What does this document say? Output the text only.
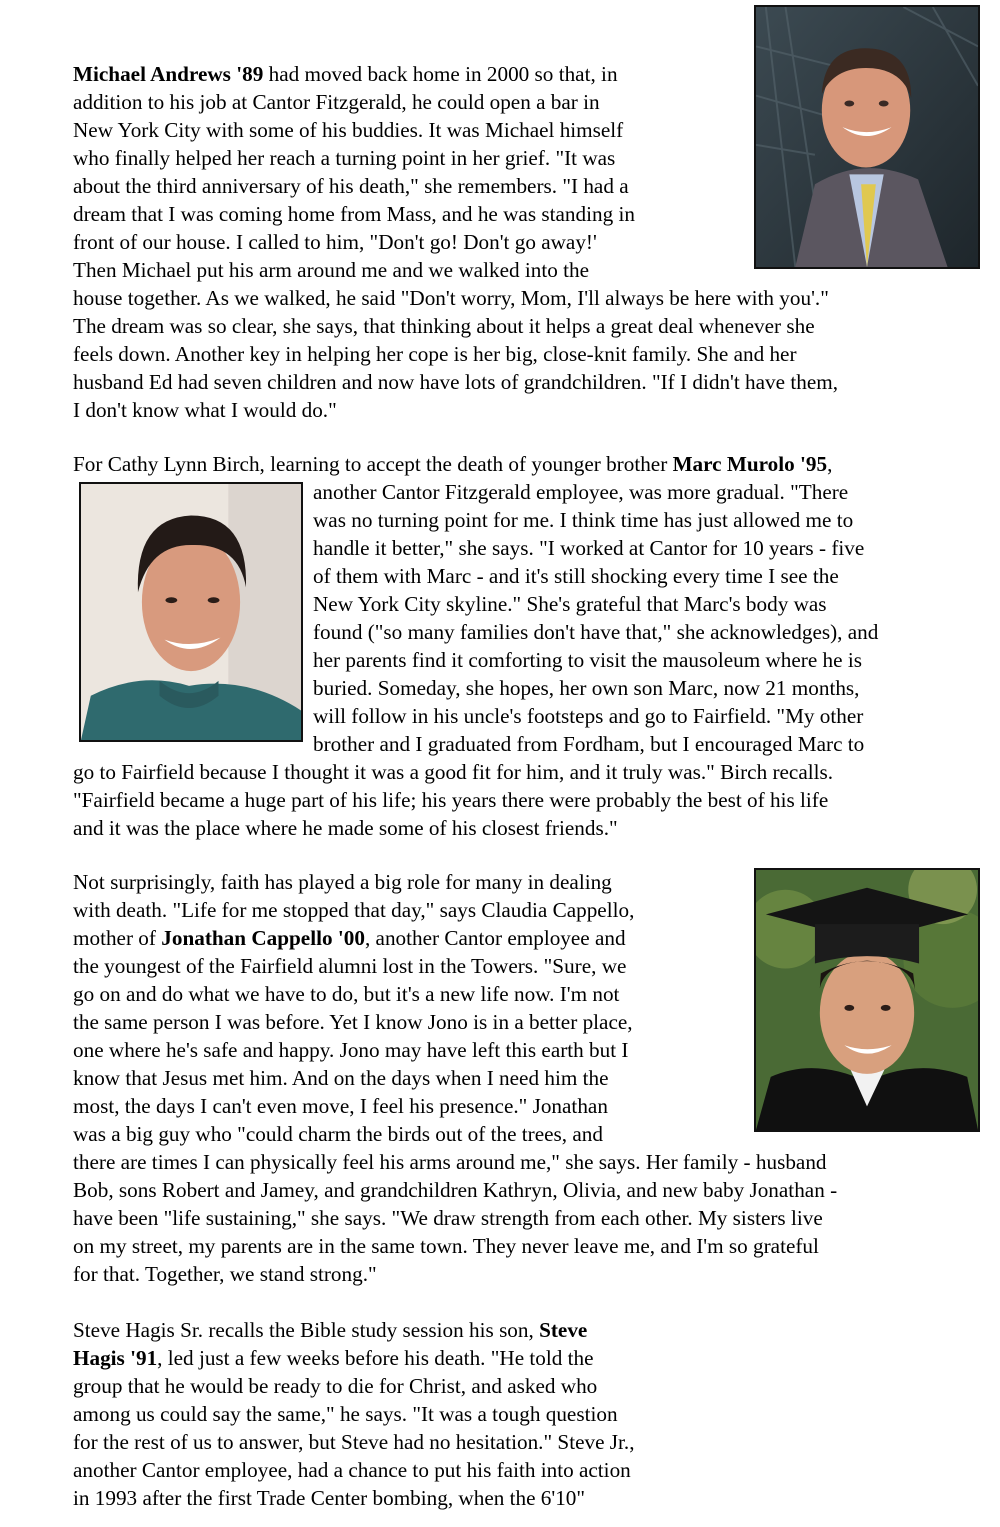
Michael Andrews '89 had moved back home in 2000 so that, in
addition to his job at Cantor Fitzgerald, he could open a bar in
New York City with some of his buddies. It was Michael himself
who finally helped her reach a turning point in her grief. "It was
about the third anniversary of his death," she remembers. "I had a
dream that I was coming home from Mass, and he was standing in
front of our house. I called to him, "Don't go! Don't go away!'
Then Michael put his arm around me and we walked into the
house together. As we walked, he said "Don't worry, Mom, I'll always be here with you'."
The dream was so clear, she says, that thinking about it helps a great deal whenever she
feels down. Another key in helping her cope is her big, close-knit family. She and her
husband Ed had seven children and now have lots of grandchildren. "If I didn't have them,
I don't know what I would do."
For Cathy Lynn Birch, learning to accept the death of younger brother Marc Murolo '95,
another Cantor Fitzgerald employee, was more gradual. "There
was no turning point for me. I think time has just allowed me to
handle it better," she says. "I worked at Cantor for 10 years - five
of them with Marc - and it's still shocking every time I see the
New York City skyline." She's grateful that Marc's body was
found ("so many families don't have that," she acknowledges), and
her parents find it comforting to visit the mausoleum where he is
buried. Someday, she hopes, her own son Marc, now 21 months,
will follow in his uncle's footsteps and go to Fairfield. "My other
brother and I graduated from Fordham, but I encouraged Marc to
go to Fairfield because I thought it was a good fit for him, and it truly was." Birch recalls.
"Fairfield became a huge part of his life; his years there were probably the best of his life
and it was the place where he made some of his closest friends."
Not surprisingly, faith has played a big role for many in dealing
with death. "Life for me stopped that day," says Claudia Cappello,
mother of Jonathan Cappello '00, another Cantor employee and
the youngest of the Fairfield alumni lost in the Towers. "Sure, we
go on and do what we have to do, but it's a new life now. I'm not
the same person I was before. Yet I know Jono is in a better place,
one where he's safe and happy. Jono may have left this earth but I
know that Jesus met him. And on the days when I need him the
most, the days I can't even move, I feel his presence." Jonathan
was a big guy who "could charm the birds out of the trees, and
there are times I can physically feel his arms around me," she says. Her family - husband
Bob, sons Robert and Jamey, and grandchildren Kathryn, Olivia, and new baby Jonathan -
have been "life sustaining," she says. "We draw strength from each other. My sisters live
on my street, my parents are in the same town. They never leave me, and I'm so grateful
for that. Together, we stand strong."
Steve Hagis Sr. recalls the Bible study session his son, Steve
Hagis '91, led just a few weeks before his death. "He told the
group that he would be ready to die for Christ, and asked who
among us could say the same," he says. "It was a tough question
for the rest of us to answer, but Steve had no hesitation." Steve Jr.,
another Cantor employee, had a chance to put his faith into action
in 1993 after the first Trade Center bombing, when the 6'10"
